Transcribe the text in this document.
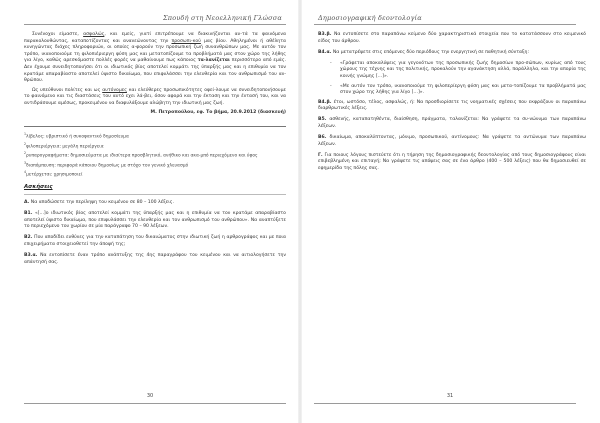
Σπουδή στη Νεοελληνική Γλώσσα

Συνένοχοι είμαστε, ασφαλώς, και εμείς, γιατί επιτρέπουμε να διακινήζονται αυ-τά τα φαινόμενα παρακολουθώντας, καταποτίζοντας και ανανεώνοντας την προσωπι-κού μας βίου. Αθηλημένοι ή αθέλητα κυνηγώντας διάχες πληροφοριών, οι οποίες α-φορούν την προσωπική ζωή συνανθρώπων μας. Με αυτόν τον τρόπο, ικανοποιούμε τη φιλοπιέριεργη φύση μας και μετατοπίζουμε τα προβλήματά μας στον χώρο της λήθης για λίγο, καθώς αρεσκόμαστε πολλές φορές να μαθαίνουμε πως κάποιος τα-λανίζεται περισσότερο από εμάς. Δεν έχουμε συνειδητοποιήσει ότι οι ιδιωτικός βίος αποτελεί κομμάτι της ύπαρξής μας και η επιθυμία να τον κρατάμε απαραβίαστο αποτελεί ύψιστο δικαίωμα, που επιφυλάσσει την ελευθερία και τον ανθρωπισμό του αν-θρώπου.

Ως υπεύθυνοι πολίτες και ως αυτόνομες και ελεύθερες προσωπικότητες οφεί-λουμε να συνειδητοποιήσουμε το φαινόμενο και τις διαστάσεις του αυτό εχει λά-βει, όσον αφορά και την έκταση και την έντασή του, και να αντιδράσουμε αμέσως, προκειμένου να διαφυλάξουμε αλώβητη την ιδιωτική μας ζωή.

Μ. Πετροπούλου, εφ. Το βήμα, 20.9.2012 (διασκευή)

$^1$λίβελος: υβριστικό ή συκοφαντικό δημοσίευμα
$^2$φιλοπεριέργεια: μεγάλη περιέργεια
$^2$ρυπαρογραφήματα: δημοσιεύματα με ιδιαίτερα προσβλητικό, ανήθικο και ακα-μπό περιεχόμενο και ύφος
$^3$διαπόμπευση: περιφορά κάποιου δημοσίως με στόχο τον γενικό χλευασμό
$^4$μετέρχεται: χρησιμοποιεί
Ασκήσεις

Α. Να αποδώσετε την περίληψη του κειμένου σε 80 – 100 λέξεις.

Β1. «[...]ο ιδιωτικός βίος αποτελεί κομμάτι της ύπαρξής μας και η επιθυμία να τον κρατάμε απαραβίαστο αποτελεί ύψιστο δικαίωμα, που επιφυλάσσει την ελευθερία και τον ανθρωπισμό του ανθρώπου». Να αναπτύξετε το περιεχόμενο του χωρίου σε μία παράγραφο 70 – 90 λέξεων.

Β2. Που αποδίδει ευθύνες για την καταπάτηση του δικαιώματος στην ιδιωτική ζωή η αρθρογράφος και με ποια επιχειρήματα στοιχειοθετεί την άποψή της;

Β3.α. Να εντοπίσετε έναν τρόπο ανάπτυξης της 4ης παραγράφου του κειμένου και να αιτιολογήσετε την απάντησή σας.

30
Δημοσιογραφική δεοντολογία

Β3.β. Να εντοπίσετε στο παραπάνω κείμενο δύο χαρακτηριστικά στοιχεία που το κατατάσσουν στο κειμενικό είδος του άρθρου.

Β4.α. Να μετατρέψετε στις επόμενες δύο περιόδους την ενεργητική σε παθητική σύνταξη:

- «Γράφεται αποκαλύψεις για γεγονότων της προσωπικής ζωής δημοσίων προ-σώπων, κυρίως από τους χώρους της τέχνης και της πολιτικής, προκαλούν την αγανάκτηση αλλά, παράλληλα, και την απορία της κοινής γνώμης […]».
- «Με αυτόν τον τρόπο, ικανοποιούμε τη φιλοπερίεργη φύση μας και μετα-τοπίζουμε τα προβλήματά μας στον χώρο της λήθης για λίγο […]».

Β4.β. έτοι, ωστόσο, τέλος, ασφαλώς, ή: Να προσδιορίσετε τις νοηματικές σχέσεις που εκφράζουν οι παραπάνω διαρθρωτικές λέξεις.

Β5. ασθενής, καταπατηθέντα, διαίσθηση, πράγματα, ταλανίζεται: Να γράψετε τα συ-νώνυμα των παραπάνω λέξεων.

Β6. δικαίωμα, αποκαλύπτοντας, μόνιμο, προσωπικού, αντίνομους: Να γράψετε τα αντώνυμα των παραπάνω λέξεων.

Γ. Για ποιους λόγους πιστεύετε ότι η τήρηση της δημοσιογραφικής δεοντολογίας από τους δημοσιογράφους είναι επιβεβλημένη και επιταγή; Να γράψετε τις απόψεις σας σε ένα άρθρο (400 – 500 λέξεις) που θα δημοσιευθεί σε εφημερίδα της πόλης σας.

31
